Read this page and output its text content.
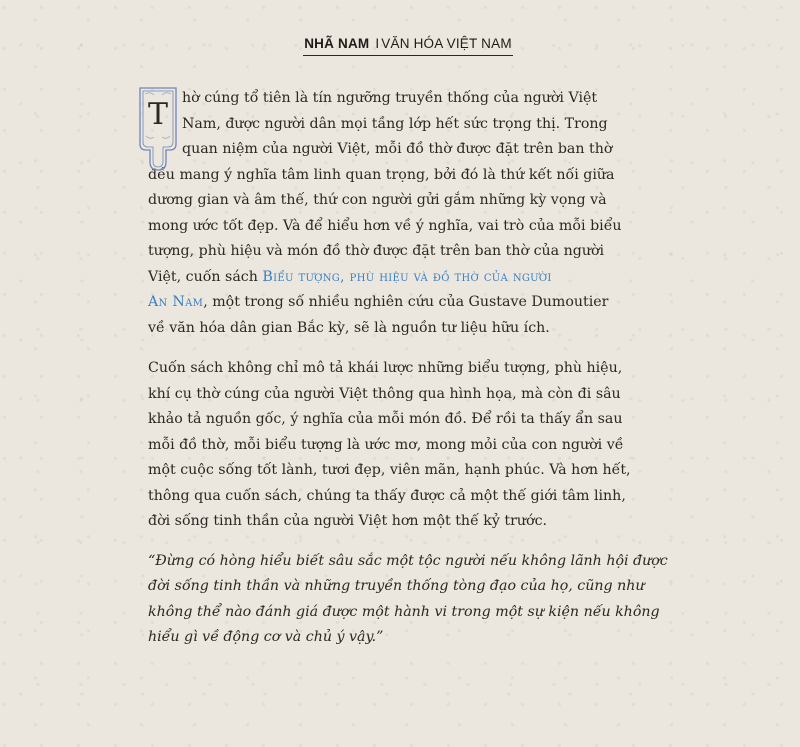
NHÃ NAM I VĂN HÓA VIỆT NAM
T hờ cúng tổ tiên là tín ngưỡng truyền thống của người Việt
Nam, được người dân mọi tầng lớp hết sức trọng thị. Trong
quan niệm của người Việt, mỗi đồ thờ được đặt trên ban thờ
đều mang ý nghĩa tâm linh quan trọng, bởi đó là thứ kết nối giữa
dương gian và âm thế, thứ con người gửi gắm những kỳ vọng và
mong ước tốt đẹp. Và để hiểu hơn về ý nghĩa, vai trò của mỗi biểu
tượng, phù hiệu và món đồ thờ được đặt trên ban thờ của người
Việt, cuốn sách Biểu tượng, phù hiệu và đồ thờ của người
An Nam, một trong số nhiều nghiên cứu của Gustave Dumoutier
về văn hóa dân gian Bắc kỳ, sẽ là nguồn tư liệu hữu ích.
Cuốn sách không chỉ mô tả khái lược những biểu tượng, phù hiệu,
khí cụ thờ cúng của người Việt thông qua hình họa, mà còn đi sâu
khảo tả nguồn gốc, ý nghĩa của mỗi món đồ. Để rồi ta thấy ẩn sau
mỗi đồ thờ, mỗi biểu tượng là ước mơ, mong mỏi của con người về
một cuộc sống tốt lành, tươi đẹp, viên mãn, hạnh phúc. Và hơn hết,
thông qua cuốn sách, chúng ta thấy được cả một thế giới tâm linh,
đời sống tinh thần của người Việt hơn một thế kỷ trước.
“Đừng có hòng hiểu biết sâu sắc một tộc người nếu không lãnh hội được
đời sống tinh thần và những truyền thống tòng đạo của họ, cũng như
không thể nào đánh giá được một hành vi trong một sự kiện nếu không
hiểu gì về động cơ và chủ ý vậy.”
